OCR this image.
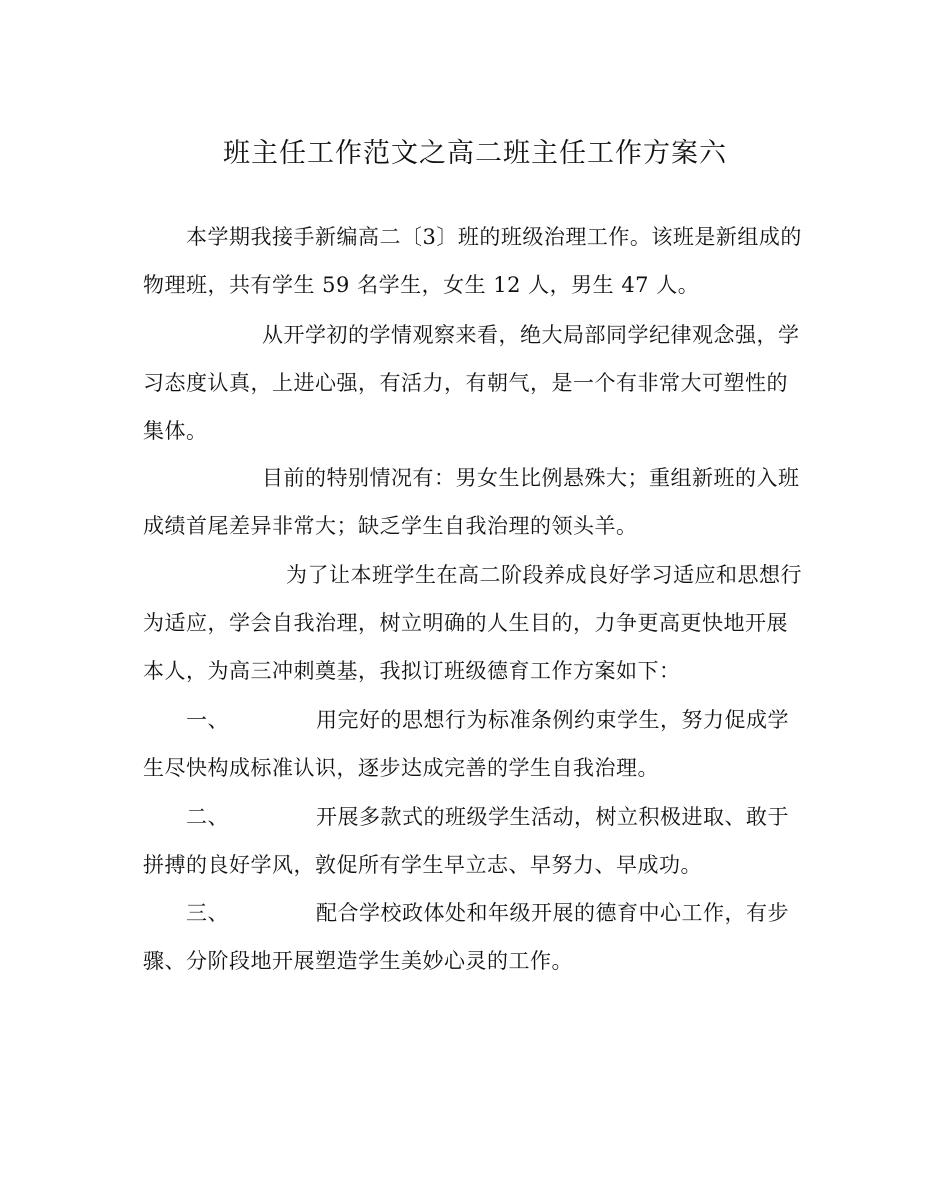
班主任工作范文之高二班主任工作方案六
本学期我接手新编高二〔3〕班的班级治理工作。该班是新组成的
物理班，共有学生 59 名学生，女生 12 人，男生 47 人。
从开学初的学情观察来看，绝大局部同学纪律观念强，学
习态度认真，上进心强，有活力，有朝气，是一个有非常大可塑性的
集体。
目前的特别情况有：男女生比例悬殊大；重组新班的入班
成绩首尾差异非常大；缺乏学生自我治理的领头羊。
为了让本班学生在高二阶段养成良好学习适应和思想行
为适应，学会自我治理，树立明确的人生目的，力争更高更快地开展
本人，为高三冲刺奠基，我拟订班级德育工作方案如下：
一、	用完好的思想行为标准条例约束学生，努力促成学
生尽快构成标准认识，逐步达成完善的学生自我治理。
二、	开展多款式的班级学生活动，树立积极进取、敢于
拼搏的良好学风，敦促所有学生早立志、早努力、早成功。
三、	配合学校政体处和年级开展的德育中心工作，有步
骤、分阶段地开展塑造学生美妙心灵的工作。
